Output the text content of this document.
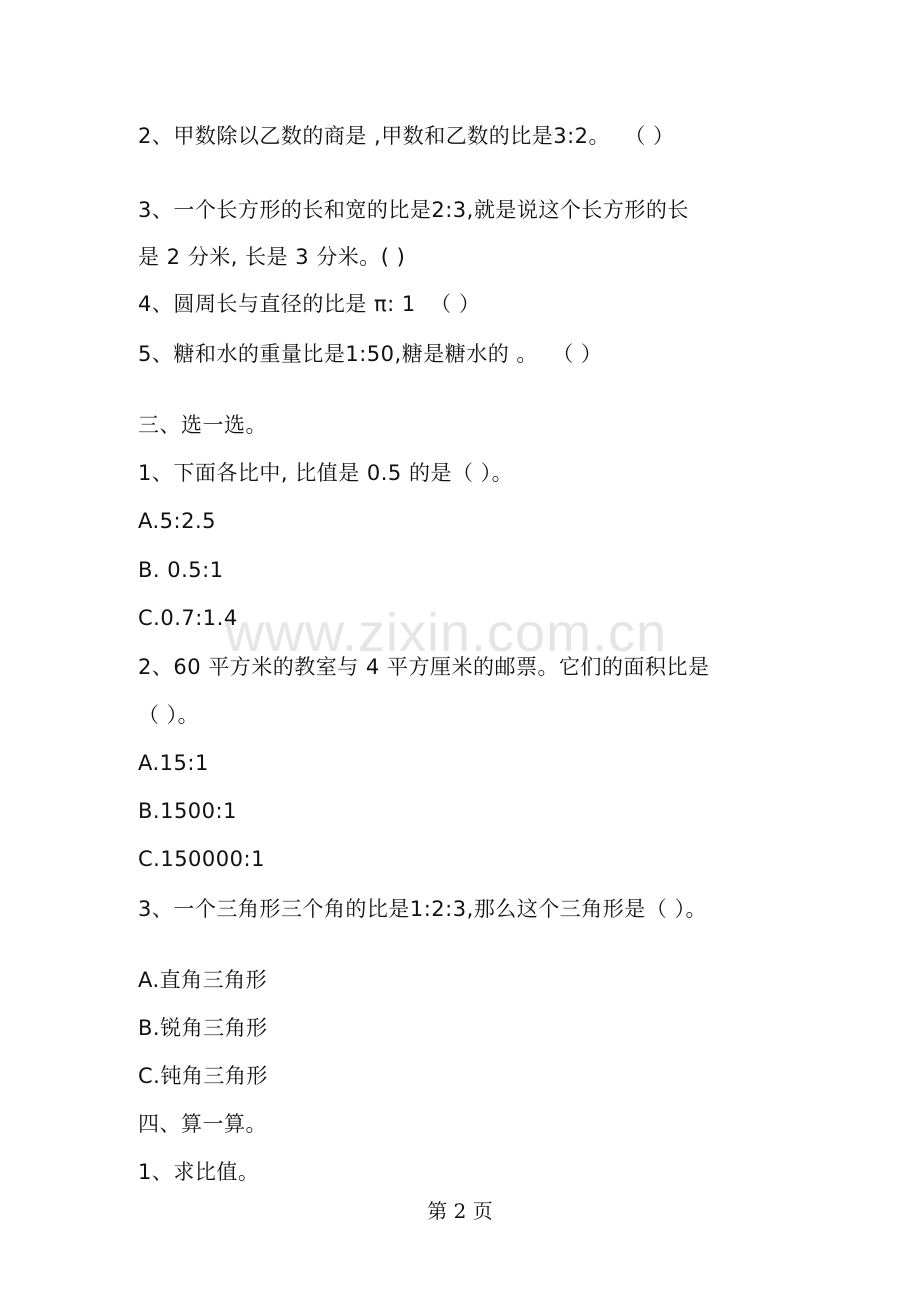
www.zixin.com.cn
2、甲数除以乙数的商是 ,甲数和乙数的比是3:2。  （ ）
3、一个长方形的长和宽的比是2:3,就是说这个长方形的长
是 2 分米, 长是 3 分米。( )
4、圆周长与直径的比是 π: 1  （ ）
5、糖和水的重量比是1:50,糖是糖水的 。  （ ）
三、选一选。
1、下面各比中, 比值是 0.5 的是（ ）。
A.5:2.5
B. 0.5:1
C.0.7:1.4
2、60 平方米的教室与 4 平方厘米的邮票。它们的面积比是
（ ）。
A.15:1
B.1500:1
C.150000:1
3、一个三角形三个角的比是1:2:3,那么这个三角形是（ ）。
A.直角三角形
B.锐角三角形
C.钝角三角形
四、算一算。
1、求比值。
第 2 页
